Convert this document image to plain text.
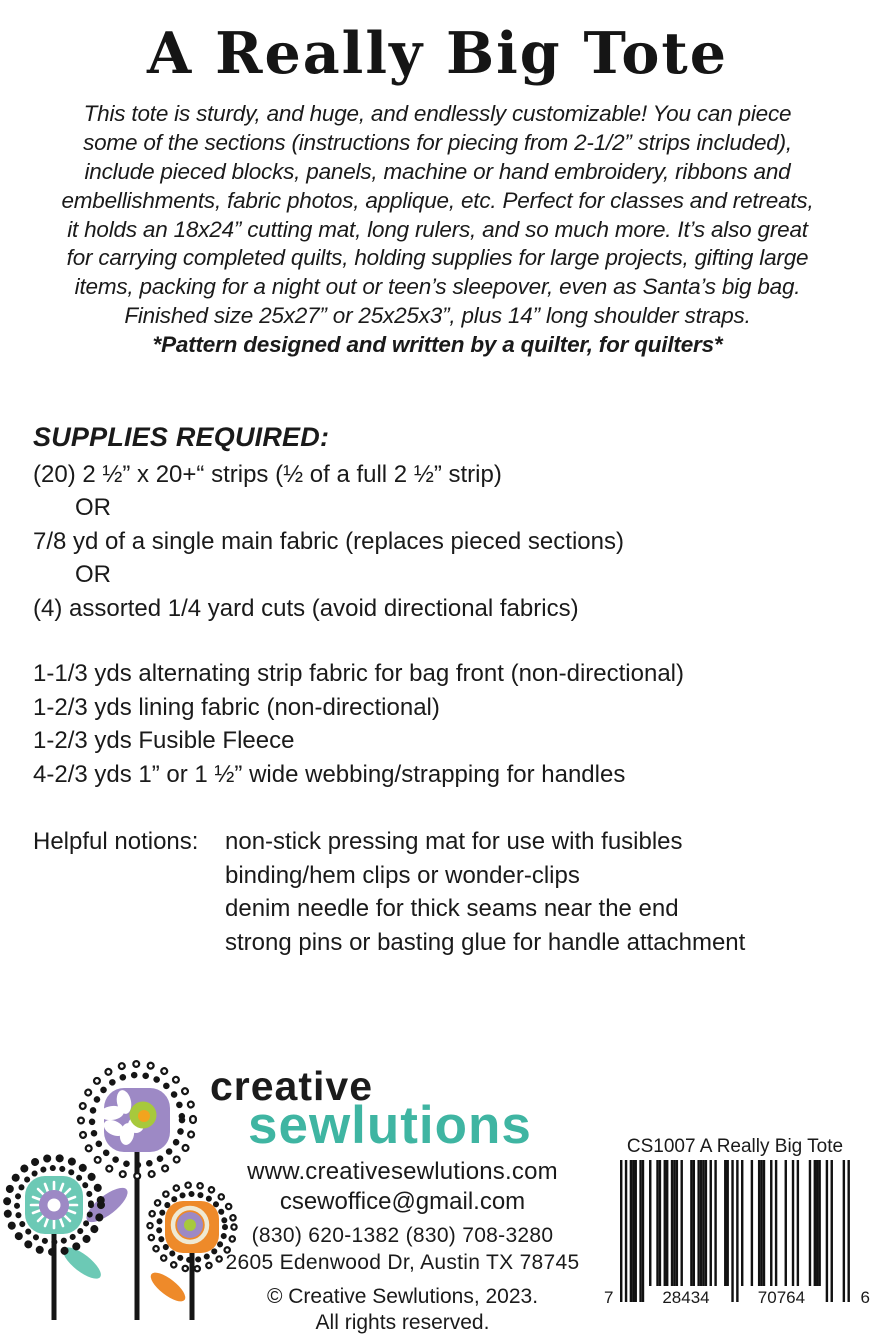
A Really Big Tote
This tote is sturdy, and huge, and endlessly customizable! You can piece
some of the sections (instructions for piecing from 2-1/2” strips included),
include pieced blocks, panels, machine or hand embroidery, ribbons and
embellishments, fabric photos, applique, etc. Perfect for classes and retreats,
it holds an 18x24” cutting mat, long rulers, and so much more. It’s also great
for carrying completed quilts, holding supplies for large projects, gifting large
items, packing for a night out or teen’s sleepover, even as Santa’s big bag.
Finished size 25x27” or 25x25x3”, plus 14” long shoulder straps.
*Pattern designed and written by a quilter, for quilters*
SUPPLIES REQUIRED:
(20) 2 ½” x 20+“ strips (½ of a full 2 ½” strip)
OR
7/8 yd of a single main fabric (replaces pieced sections)
OR
(4) assorted 1/4 yard cuts (avoid directional fabrics)
1-1/3 yds alternating strip fabric for bag front (non-directional)
1-2/3 yds lining fabric (non-directional)
1-2/3 yds Fusible Fleece
4-2/3 yds 1” or 1 ½” wide webbing/strapping for handles
Helpful notions:	non-stick pressing mat for use with fusibles
binding/hem clips or wonder-clips
denim needle for thick seams near the end
strong pins or basting glue for handle attachment
creative
sewlutions
www.creativesewlutions.com
csewoffice@gmail.com
(830) 620-1382 (830) 708-3280
2605 Edenwood Dr, Austin TX 78745
© Creative Sewlutions, 2023.
All rights reserved.
CS1007 A Really Big Tote
7	28434	70764	6
